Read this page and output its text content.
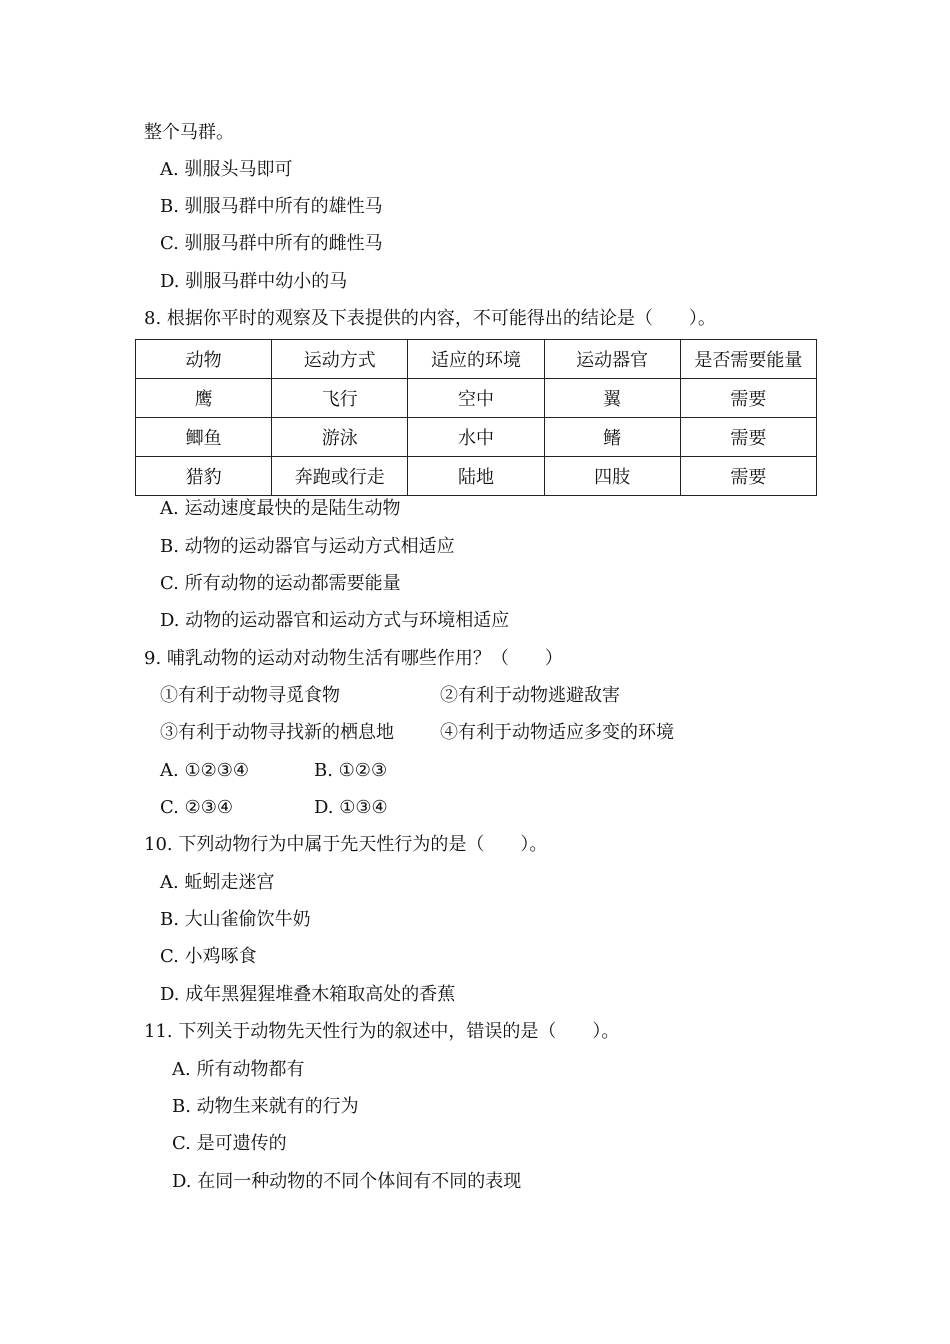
整个马群。
A. 驯服头马即可
B. 驯服马群中所有的雄性马
C. 驯服马群中所有的雌性马
D. 驯服马群中幼小的马
8. 根据你平时的观察及下表提供的内容，不可能得出的结论是（　　）。
动物	运动方式	适应的环境	运动器官	是否需要能量
鹰	飞行	空中	翼	需要
鲫鱼	游泳	水中	鳍	需要
猎豹	奔跑或行走	陆地	四肢	需要
A. 运动速度最快的是陆生动物
B. 动物的运动器官与运动方式相适应
C. 所有动物的运动都需要能量
D. 动物的运动器官和运动方式与环境相适应
9. 哺乳动物的运动对动物生活有哪些作用？（　　）
①有利于动物寻觅食物	②有利于动物逃避敌害
③有利于动物寻找新的栖息地	④有利于动物适应多变的环境
A. ①②③④	B. ①②③
C. ②③④	D. ①③④
10. 下列动物行为中属于先天性行为的是（　　）。
A. 蚯蚓走迷宫
B. 大山雀偷饮牛奶
C. 小鸡啄食
D. 成年黑猩猩堆叠木箱取高处的香蕉
11. 下列关于动物先天性行为的叙述中，错误的是（　　）。
A. 所有动物都有
B. 动物生来就有的行为
C. 是可遗传的
D. 在同一种动物的不同个体间有不同的表现
